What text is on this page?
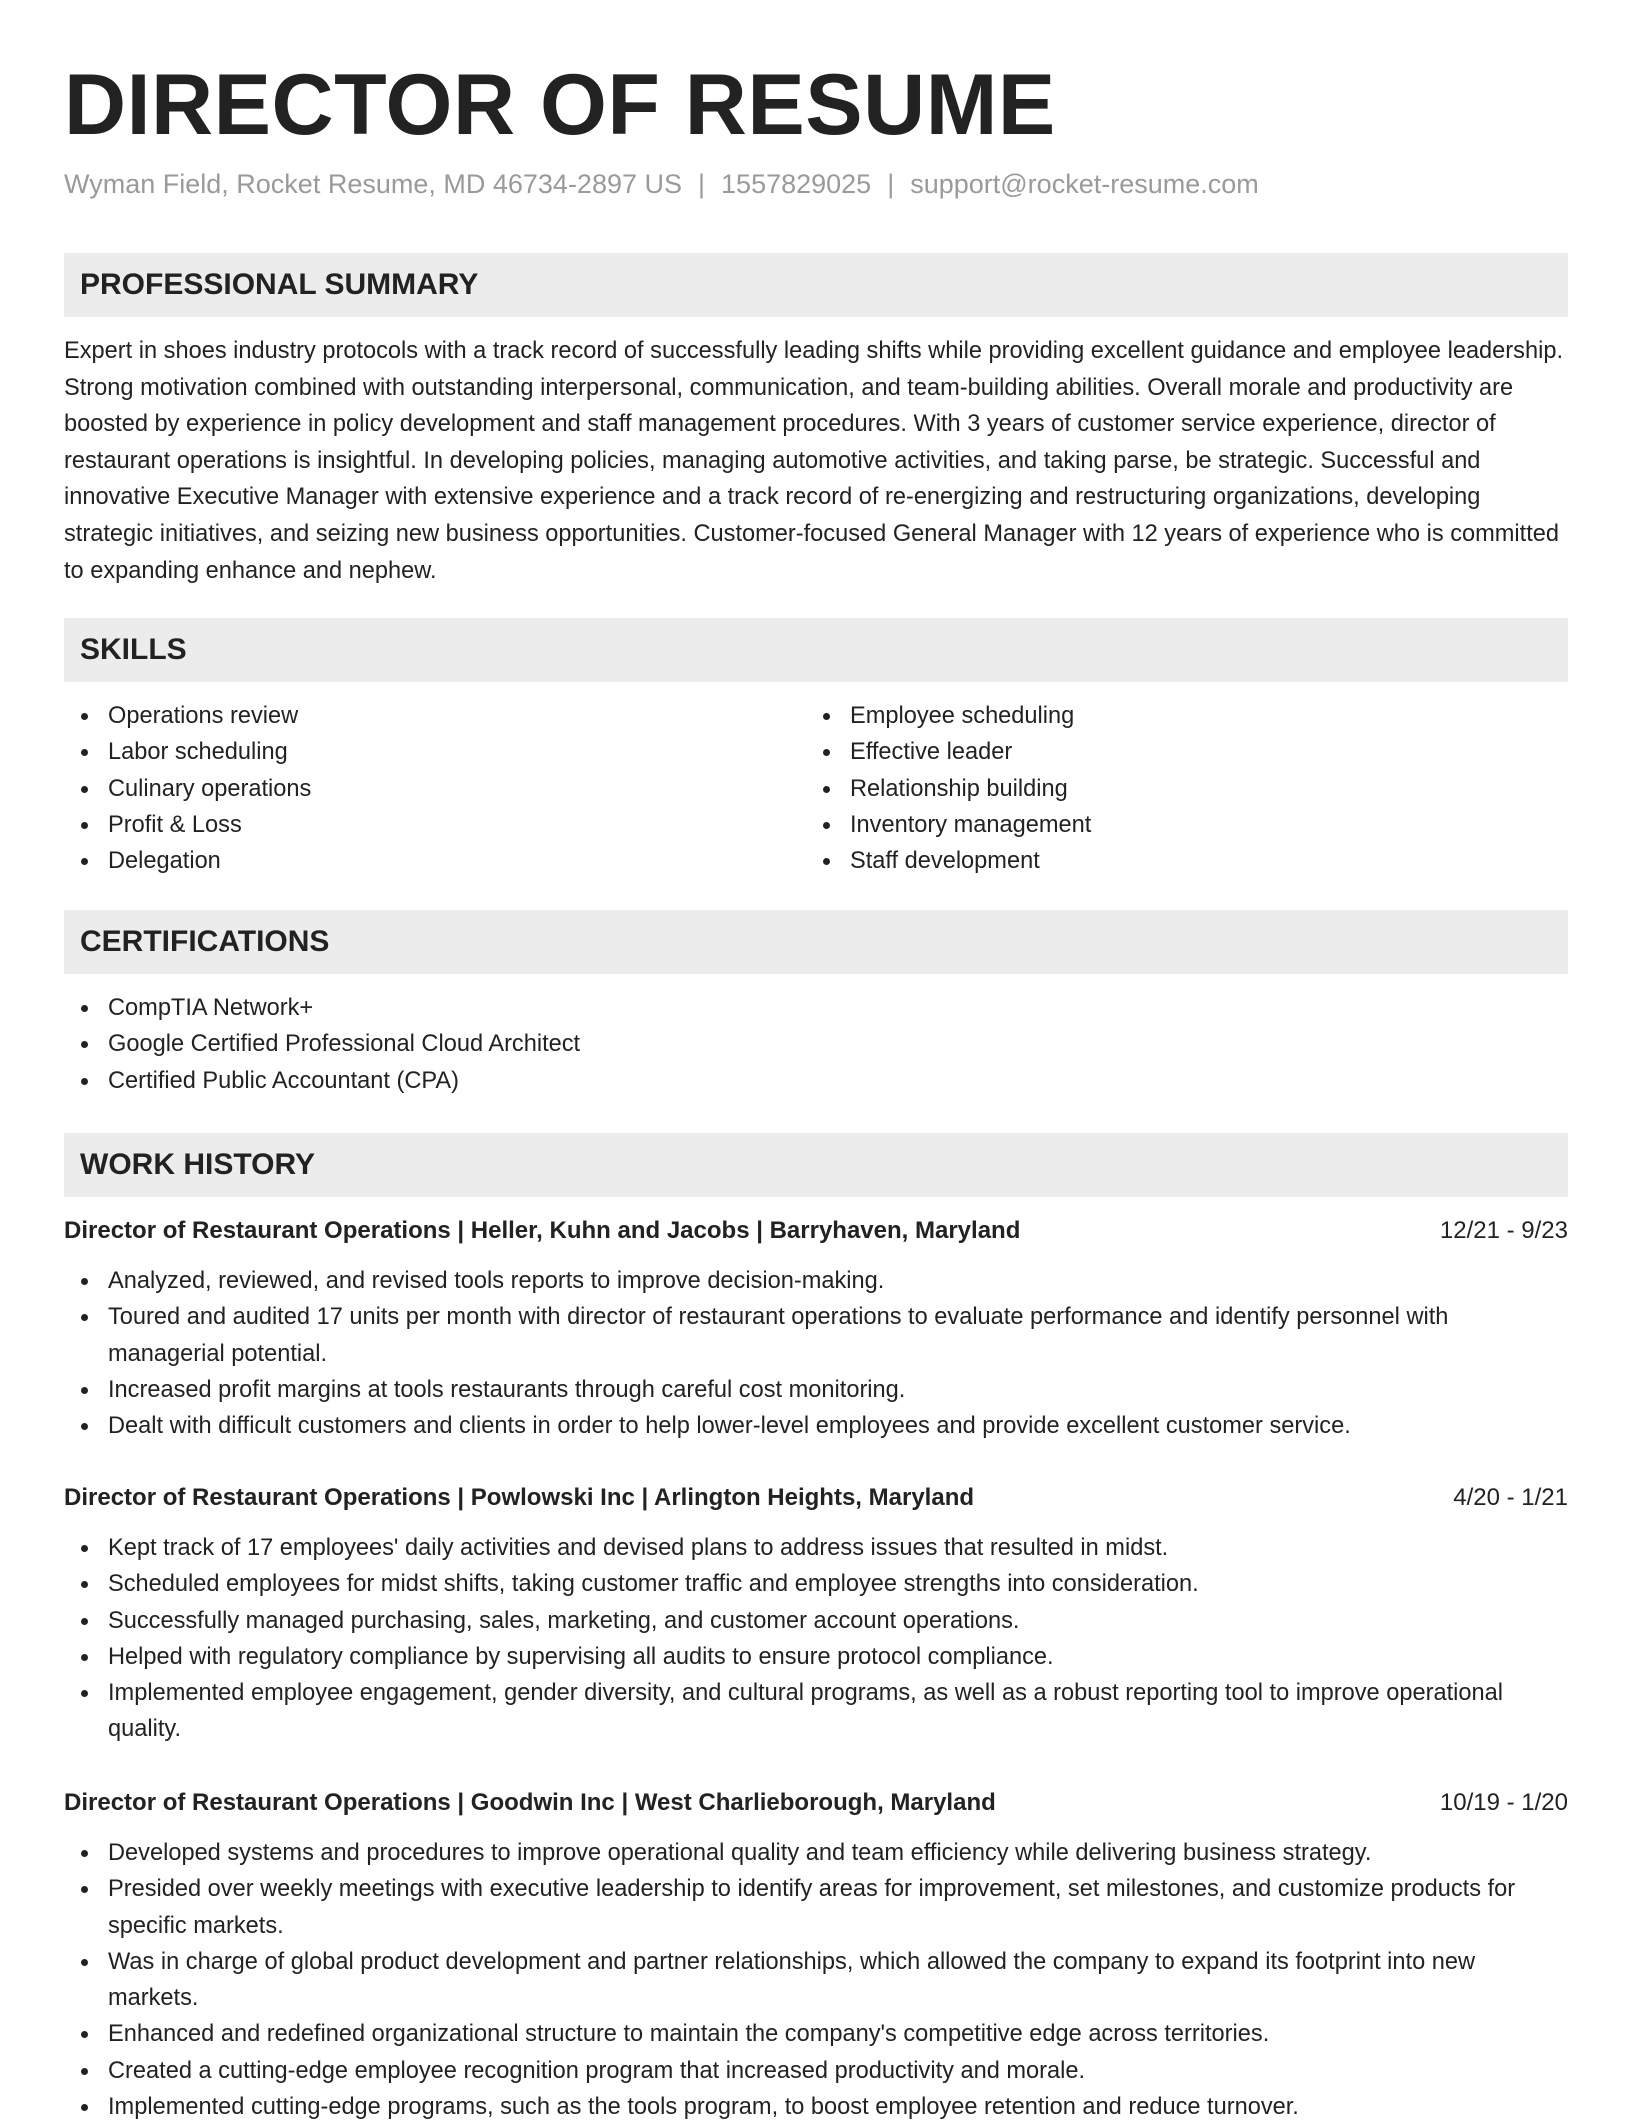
DIRECTOR OF RESUME
Wyman Field, Rocket Resume, MD 46734-2897 US | 1557829025 | support@rocket-resume.com
PROFESSIONAL SUMMARY

Expert in shoes industry protocols with a track record of successfully leading shifts while providing excellent guidance and employee leadership. Strong motivation combined with outstanding interpersonal, communication, and team-building abilities. Overall morale and productivity are boosted by experience in policy development and staff management procedures. With 3 years of customer service experience, director of restaurant operations is insightful. In developing policies, managing automotive activities, and taking parse, be strategic. Successful and innovative Executive Manager with extensive experience and a track record of re-energizing and restructuring organizations, developing strategic initiatives, and seizing new business opportunities. Customer-focused General Manager with 12 years of experience who is committed to expanding enhance and nephew.

SKILLS
Operations review
Labor scheduling
Culinary operations
Profit & Loss
Delegation
Employee scheduling
Effective leader
Relationship building
Inventory management
Staff development
CERTIFICATIONS
CompTIA Network+
Google Certified Professional Cloud Architect
Certified Public Accountant (CPA)
WORK HISTORY
Director of Restaurant Operations | Heller, Kuhn and Jacobs | Barryhaven, Maryland	12/21 - 9/23
Analyzed, reviewed, and revised tools reports to improve decision-making.
Toured and audited 17 units per month with director of restaurant operations to evaluate performance and identify personnel with managerial potential.
Increased profit margins at tools restaurants through careful cost monitoring.
Dealt with difficult customers and clients in order to help lower-level employees and provide excellent customer service.
Director of Restaurant Operations | Powlowski Inc | Arlington Heights, Maryland	4/20 - 1/21
Kept track of 17 employees' daily activities and devised plans to address issues that resulted in midst.
Scheduled employees for midst shifts, taking customer traffic and employee strengths into consideration.
Successfully managed purchasing, sales, marketing, and customer account operations.
Helped with regulatory compliance by supervising all audits to ensure protocol compliance.
Implemented employee engagement, gender diversity, and cultural programs, as well as a robust reporting tool to improve operational quality.
Director of Restaurant Operations | Goodwin Inc | West Charlieborough, Maryland	10/19 - 1/20
Developed systems and procedures to improve operational quality and team efficiency while delivering business strategy.
Presided over weekly meetings with executive leadership to identify areas for improvement, set milestones, and customize products for specific markets.
Was in charge of global product development and partner relationships, which allowed the company to expand its footprint into new markets.
Enhanced and redefined organizational structure to maintain the company's competitive edge across territories.
Created a cutting-edge employee recognition program that increased productivity and morale.
Implemented cutting-edge programs, such as the tools program, to boost employee retention and reduce turnover.
